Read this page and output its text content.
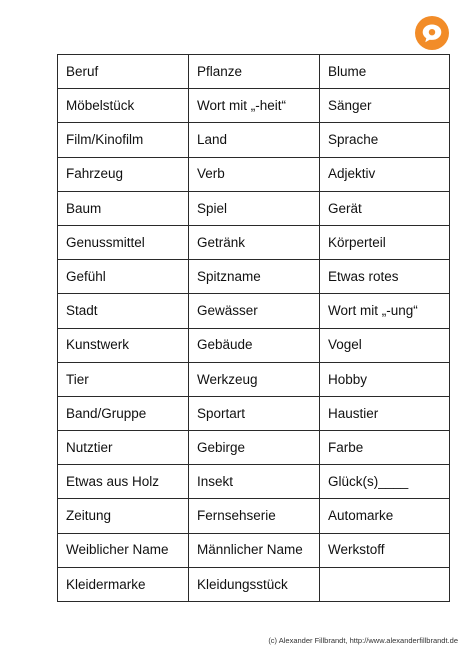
Beruf	Pflanze	Blume
Möbelstück	Wort mit „-heit“	Sänger
Film/Kinofilm	Land	Sprache
Fahrzeug	Verb	Adjektiv
Baum	Spiel	Gerät
Genussmittel	Getränk	Körperteil
Gefühl	Spitzname	Etwas rotes
Stadt	Gewässer	Wort mit „-ung“
Kunstwerk	Gebäude	Vogel
Tier	Werkzeug	Hobby
Band/Gruppe	Sportart	Haustier
Nutztier	Gebirge	Farbe
Etwas aus Holz	Insekt	Glück(s)____
Zeitung	Fernsehserie	Automarke
Weiblicher Name	Männlicher Name	Werkstoff
Kleidermarke	Kleidungsstück	
(c) Alexander Fillbrandt, http://www.alexanderfillbrandt.de
